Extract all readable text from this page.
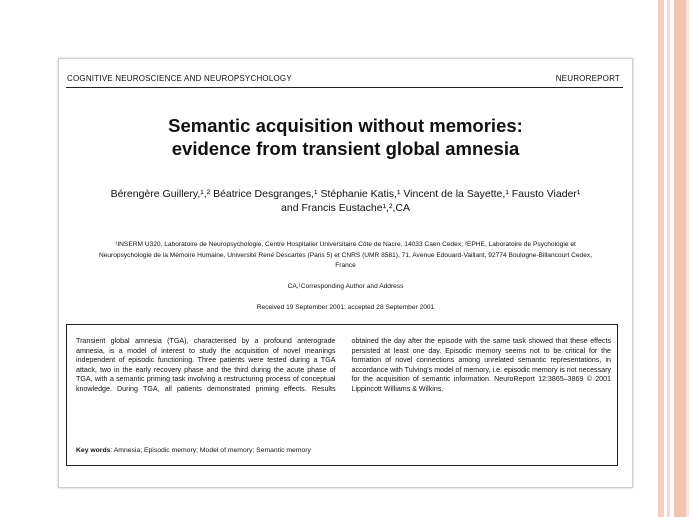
COGNITIVE NEUROSCIENCE AND NEUROPSYCHOLOGY	NEUROREPORT
Semantic acquisition without memories:
evidence from transient global amnesia
Bérengère Guillery,¹,² Béatrice Desgranges,¹ Stéphanie Katis,¹ Vincent de la Sayette,¹ Fausto Viader¹
and Francis Eustache¹,²,CA
¹INSERM U320, Laboratoire de Neuropsychologie, Centre Hospitalier Universitaire Côte de Nacre, 14033 Caen Cedex; ²EPHE, Laboratoire de Psychologie et Neuropsychologie de la Mémoire Humaine, Université René Descartes (Paris 5) et CNRS (UMR 8581), 71, Avenue Edouard-Vaillant, 92774 Boulogne-Billancourt Cedex, France
CA,¹Corresponding Author and Address
Received 19 September 2001; accepted 28 September 2001
Transient global amnesia (TGA), characterised by a profound anterograde amnesia, is a model of interest to study the acquisition of novel meanings independent of episodic functioning. Three patients were tested during a TGA attack, two in the early recovery phase and the third during the acute phase of TGA, with a semantic priming task involving a restructuring process of conceptual knowledge. During TGA, all patients demonstrated priming effects. Results obtained the day after the episode with the same task showed that these effects persisted at least one day. Episodic memory seems not to be critical for the formation of novel connections among unrelated semantic representations, in accordance with Tulving's model of memory, i.e. episodic memory is not necessary for the acquisition of semantic information. NeuroReport 12:3865–3869 © 2001 Lippincott Williams & Wilkins.
Key words: Amnesia; Episodic memory; Model of memory; Semantic memory
